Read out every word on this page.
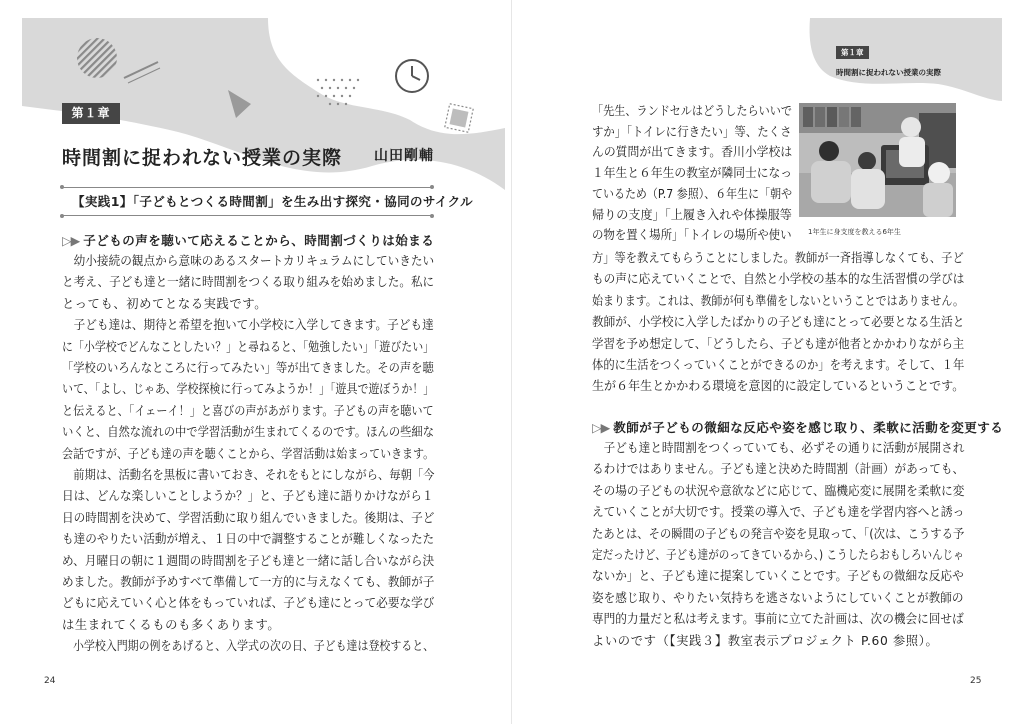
第１章
時間割に捉われない授業の実際 山田剛輔
【実践1】「子どもとつくる時間割」を生み出す探究・協同のサイクル
▷▶ 子どもの声を聴いて応えることから、時間割づくりは始まる
　幼小接続の観点から意味のあるスタートカリキュラムにしていきたい
と考え、子ども達と一緒に時間割をつくる取り組みを始めました。私に
とっても、初めてとなる実践です。
　子ども達は、期待と希望を抱いて小学校に入学してきます。子ども達
に「小学校でどんなことしたい？」と尋ねると、「勉強したい」「遊びたい」
「学校のいろんなところに行ってみたい」等が出てきました。その声を聴
いて、「よし、じゃあ、学校探検に行ってみようか！」「遊具で遊ぼうか！」
と伝えると、「イェーイ！」と喜びの声があがります。子どもの声を聴いて
いくと、自然な流れの中で学習活動が生まれてくるのです。ほんの些細な
会話ですが、子ども達の声を聴くことから、学習活動は始まっていきます。
　前期は、活動名を黒板に書いておき、それをもとにしながら、毎朝「今
日は、どんな楽しいことしようか？」と、子ども達に語りかけながら１
日の時間割を決めて、学習活動に取り組んでいきました。後期は、子ど
も達のやりたい活動が増え、１日の中で調整することが難しくなったた
め、月曜日の朝に１週間の時間割を子ども達と一緒に話し合いながら決
めました。教師が予めすべて準備して一方的に与えなくても、教師が子
どもに応えていく心と体をもっていれば、子ども達にとって必要な学び
は生まれてくるものも多くあります。
　小学校入門期の例をあげると、入学式の次の日、子ども達は登校すると、
24
第１章
時間割に捉われない授業の実際
1年生に身支度を教える6年生
「先生、ランドセルはどうしたらいいで
すか」「トイレに行きたい」等、たくさ
んの質問が出てきます。香川小学校は
１年生と６年生の教室が隣同士になっ
ているため（P.7 参照）、６年生に「朝や
帰りの支度」「上履き入れや体操服等
の物を置く場所」「トイレの場所や使い
方」等を教えてもらうことにしました。教師が一斉指導しなくても、子ど
もの声に応えていくことで、自然と小学校の基本的な生活習慣の学びは
始まります。これは、教師が何も準備をしないということではありません。
教師が、小学校に入学したばかりの子ども達にとって必要となる生活と
学習を予め想定して、「どうしたら、子ども達が他者とかかわりながら主
体的に生活をつくっていくことができるのか」を考えます。そして、１年
生が６年生とかかわる環境を意図的に設定しているということです。
▷▶ 教師が子どもの微細な反応や姿を感じ取り、柔軟に活動を変更する
　子ども達と時間割をつくっていても、必ずその通りに活動が展開され
るわけではありません。子ども達と決めた時間割（計画）があっても、
その場の子どもの状況や意欲などに応じて、臨機応変に展開を柔軟に変
えていくことが大切です。授業の導入で、子ども達を学習内容へと誘っ
たあとは、その瞬間の子どもの発言や姿を見取って、「(次は、こうする予
定だったけど、子ども達がのってきているから、) こうしたらおもしろいんじゃ
ないか」と、子ども達に提案していくことです。子どもの微細な反応や
姿を感じ取り、やりたい気持ちを逃さないようにしていくことが教師の
専門的力量だと私は考えます。事前に立てた計画は、次の機会に回せば
よいのです（【実践３】教室表示プロジェクト P.60 参照）。
25
